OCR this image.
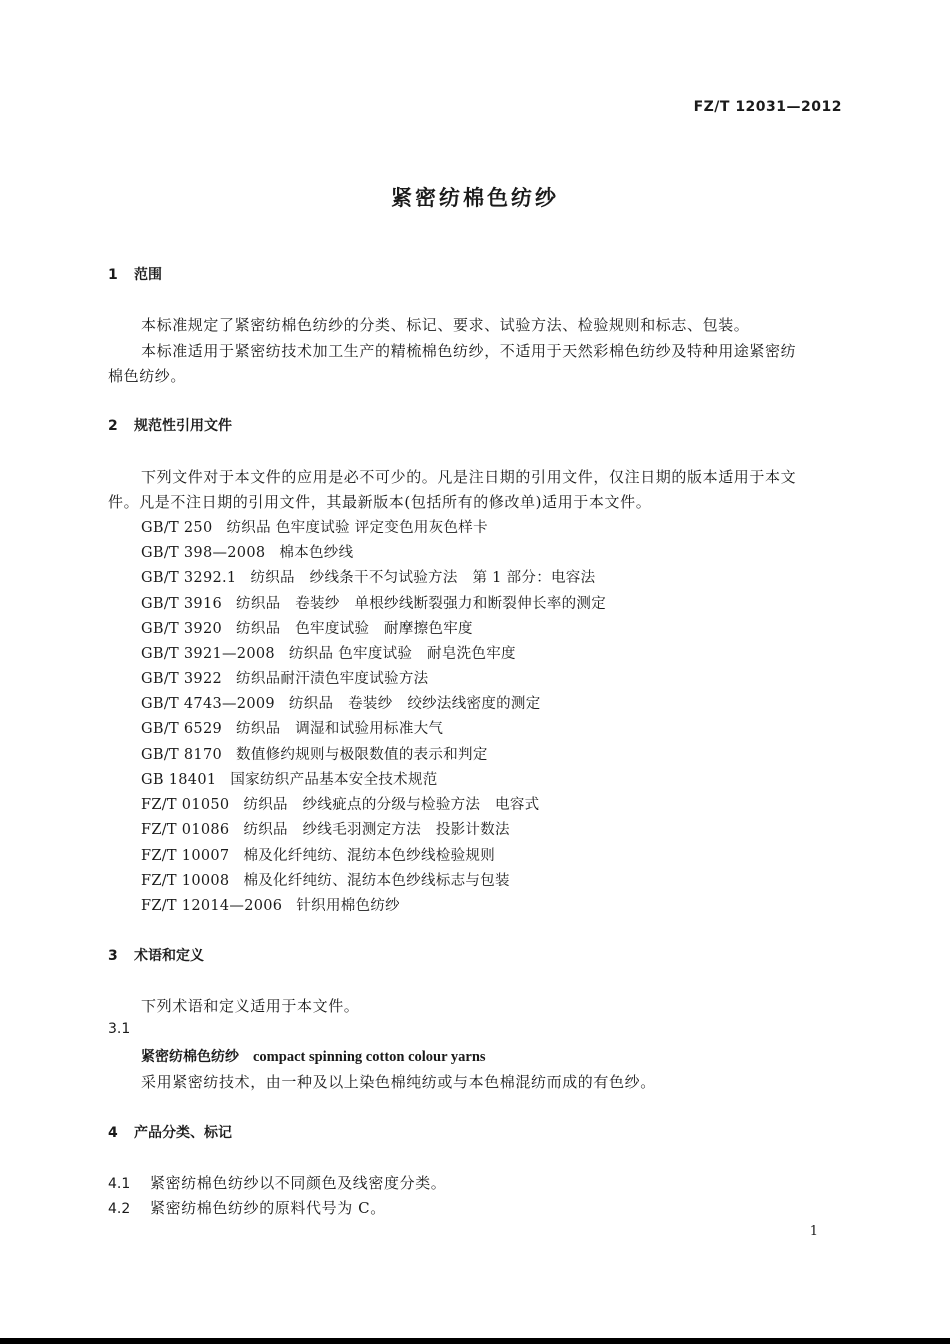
FZ/T 12031—2012
紧密纺棉色纺纱
1 范围
本标准规定了紧密纺棉色纺纱的分类、标记、要求、试验方法、检验规则和标志、包装。
本标准适用于紧密纺技术加工生产的精梳棉色纺纱，不适用于天然彩棉色纺纱及特种用途紧密纺
棉色纺纱。
2 规范性引用文件
下列文件对于本文件的应用是必不可少的。凡是注日期的引用文件，仅注日期的版本适用于本文
件。凡是不注日期的引用文件，其最新版本(包括所有的修改单)适用于本文件。
GB/T 250 纺织品 色牢度试验 评定变色用灰色样卡
GB/T 398—2008 棉本色纱线
GB/T 3292.1 纺织品　纱线条干不匀试验方法　第 1 部分：电容法
GB/T 3916 纺织品　卷装纱　单根纱线断裂强力和断裂伸长率的测定
GB/T 3920 纺织品　色牢度试验　耐摩擦色牢度
GB/T 3921—2008 纺织品 色牢度试验　耐皂洗色牢度
GB/T 3922 纺织品耐汗渍色牢度试验方法
GB/T 4743—2009 纺织品　卷装纱　绞纱法线密度的测定
GB/T 6529 纺织品　调湿和试验用标准大气
GB/T 8170 数值修约规则与极限数值的表示和判定
GB 18401 国家纺织产品基本安全技术规范
FZ/T 01050 纺织品　纱线疵点的分级与检验方法　电容式
FZ/T 01086 纺织品　纱线毛羽测定方法　投影计数法
FZ/T 10007 棉及化纤纯纺、混纺本色纱线检验规则
FZ/T 10008 棉及化纤纯纺、混纺本色纱线标志与包装
FZ/T 12014—2006 针织用棉色纺纱
3 术语和定义
下列术语和定义适用于本文件。
3.1
紧密纺棉色纺纱 compact spinning cotton colour yarns
采用紧密纺技术，由一种及以上染色棉纯纺或与本色棉混纺而成的有色纱。
4 产品分类、标记
4.1 紧密纺棉色纺纱以不同颜色及线密度分类。
4.2 紧密纺棉色纺纱的原料代号为 C。
1
